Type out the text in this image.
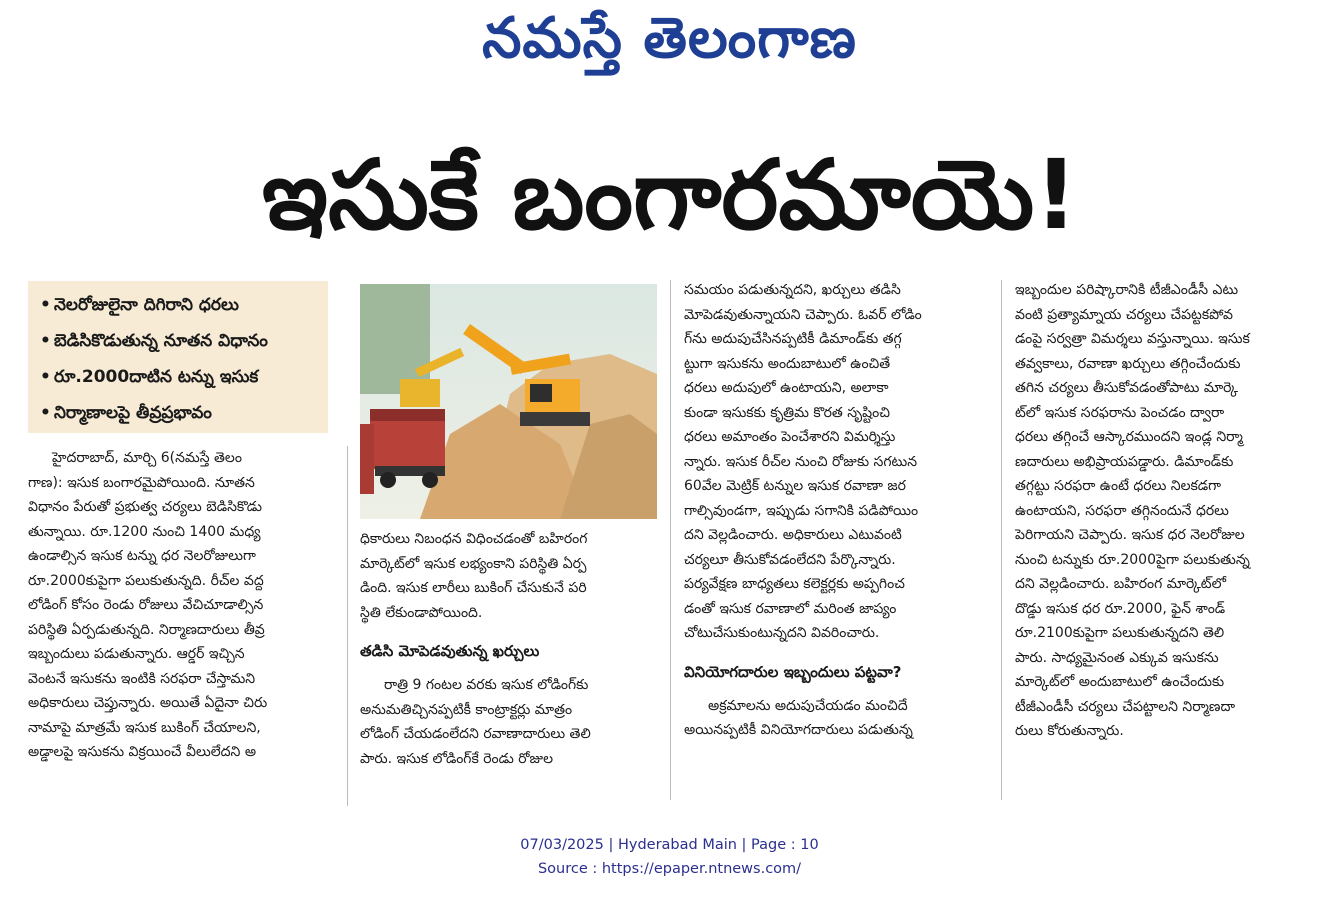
నమస్తే తెలంగాణ
ఇసుకే బంగారమాయె!
• నెలరోజులైనా దిగిరాని ధరలు
• బెడిసికొడుతున్న నూతన విధానం
• రూ.2000దాటిన టన్ను ఇసుక
• నిర్మాణాలపై తీవ్రప్రభావం
హైదరాబాద్, మార్చి 6(నమస్తే తెలం
గాణ): ఇసుక బంగారమైపోయింది. నూతన
విధానం పేరుతో ప్రభుత్వ చర్యలు బెడిసికొడు
తున్నాయి. రూ.1200 నుంచి 1400 మధ్య
ఉండాల్సిన ఇసుక టన్ను ధర నెలరోజులుగా
రూ.2000కుపైగా పలుకుతున్నది. రీచ్‌ల వద్ద
లోడింగ్ కోసం రెండు రోజులు వేచిచూడాల్సిన
పరిస్థితి ఏర్పడుతున్నది. నిర్మాణదారులు తీవ్ర
ఇబ్బందులు పడుతున్నారు. ఆర్డర్ ఇచ్చిన
వెంటనే ఇసుకను ఇంటికి సరఫరా చేస్తామని
అధికారులు చెప్తున్నారు. అయితే ఏదైనా చిరు
నామాపై మాత్రమే ఇసుక బుకింగ్ చేయాలని,
అడ్డాలపై ఇసుకను విక్రయించే వీలులేదని అ
ధికారులు నిబంధన విధించడంతో బహిరంగ
మార్కెట్‌లో ఇసుక లభ్యంకాని పరిస్థితి ఏర్ప
డింది. ఇసుక లారీలు బుకింగ్ చేసుకునే పరి
స్థితి లేకుండాపోయింది.
తడిసి మోపెడవుతున్న ఖర్చులు
రాత్రి 9 గంటల వరకు ఇసుక లోడింగ్‌కు
అనుమతిచ్చినప్పటికీ కాంట్రాక్టర్లు మాత్రం
లోడింగ్ చేయడంలేదని రవాణాదారులు తెలి
పారు. ఇసుక లోడింగ్‌కే రెండు రోజుల
సమయం పడుతున్నదని, ఖర్చులు తడిసి
మోపెడవుతున్నాయని చెప్పారు. ఓవర్ లోడిం
గ్‌ను అదుపుచేసినప్పటికీ డిమాండ్‌కు తగ్గ
ట్టుగా ఇసుకను అందుబాటులో ఉంచితే
ధరలు అదుపులో ఉంటాయని, అలాకా
కుండా ఇసుకకు కృత్రిమ కొరత సృష్టించి
ధరలు అమాంతం పెంచేశారని విమర్శిస్తు
న్నారు. ఇసుక రీచ్‌ల నుంచి రోజుకు సగటున
60వేల మెట్రిక్ టన్నుల ఇసుక రవాణా జర
గాల్సివుండగా, ఇప్పుడు సగానికి పడిపోయిం
దని వెల్లడించారు. అధికారులు ఎటువంటి
చర్యలూ తీసుకోవడంలేదని పేర్కొన్నారు.
పర్యవేక్షణ బాధ్యతలు కలెక్టర్లకు అప్పగించ
డంతో ఇసుక రవాణాలో మరింత జాప్యం
చోటుచేసుకుంటున్నదని వివరించారు.
వినియోగదారుల ఇబ్బందులు పట్టవా?
అక్రమాలను అదుపుచేయడం మంచిదే
అయినప్పటికీ వినియోగదారులు పడుతున్న
ఇబ్బందుల పరిష్కారానికి టీజీఎండీసీ ఎటు
వంటి ప్రత్యామ్నాయ చర్యలు చేపట్టకపోవ
డంపై సర్వత్రా విమర్శలు వస్తున్నాయి. ఇసుక
తవ్వకాలు, రవాణా ఖర్చులు తగ్గించేందుకు
తగిన చర్యలు తీసుకోవడంతోపాటు మార్కె
ట్‌లో ఇసుక సరఫరాను పెంచడం ద్వారా
ధరలు తగ్గించే ఆస్కారముందని ఇండ్ల నిర్మా
ణదారులు అభిప్రాయపడ్డారు. డిమాండ్‌కు
తగ్గట్టు సరఫరా ఉంటే ధరలు నిలకడగా
ఉంటాయని, సరఫరా తగ్గినందునే ధరలు
పెరిగాయని చెప్పారు. ఇసుక ధర నెలరోజుల
నుంచి టన్నుకు రూ.2000పైగా పలుకుతున్న
దని వెల్లడించారు. బహిరంగ మార్కెట్‌లో
దొడ్డు ఇసుక ధర రూ.2000, ఫైన్ శాండ్
రూ.2100కుపైగా పలుకుతున్నదని తెలి
పారు. సాధ్యమైనంత ఎక్కువ ఇసుకను
మార్కెట్‌లో అందుబాటులో ఉంచేందుకు
టీజీఎండీసీ చర్యలు చేపట్టాలని నిర్మాణదా
రులు కోరుతున్నారు.
07/03/2025 | Hyderabad Main | Page : 10
Source : https://epaper.ntnews.com/
